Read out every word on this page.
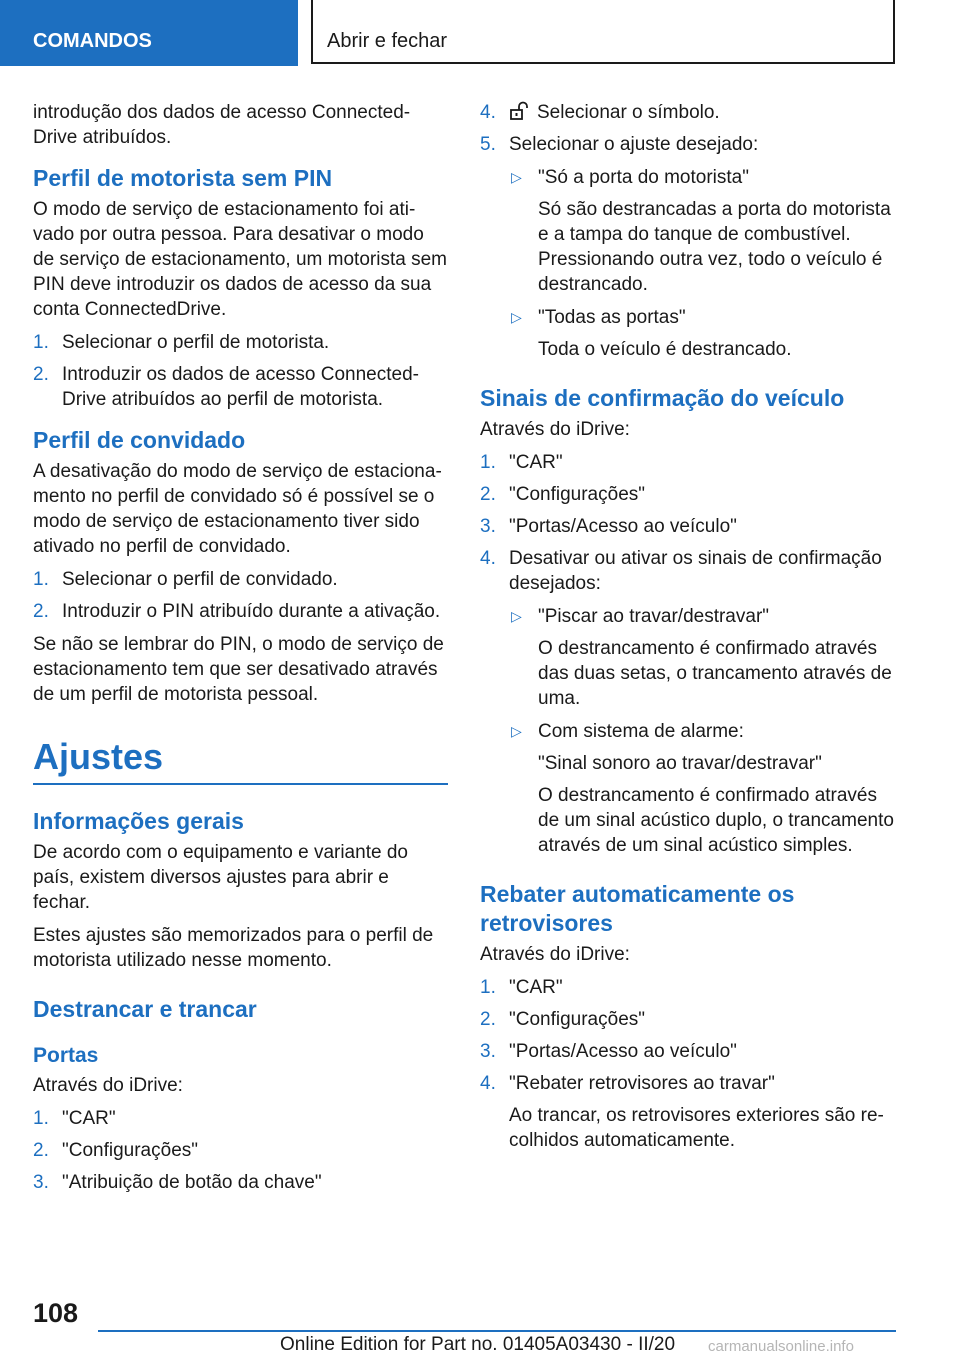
COMANDOS	Abrir e fechar

introdução dos dados de acesso ConnectedDrive atribuídos.

Perfil de motorista sem PIN

O modo de serviço de estacionamento foi ativado por outra pessoa. Para desativar o modo de serviço de estacionamento, um motorista sem PIN deve introduzir os dados de acesso da sua conta ConnectedDrive.

1. Selecionar o perfil de motorista.
2. Introduzir os dados de acesso ConnectedDrive atribuídos ao perfil de motorista.
Perfil de convidado

A desativação do modo de serviço de estacionamento no perfil de convidado só é possível se o modo de serviço de estacionamento tiver sido ativado no perfil de convidado.

1. Selecionar o perfil de convidado.
2. Introduzir o PIN atribuído durante a ativação.

Se não se lembrar do PIN, o modo de serviço de estacionamento tem que ser desativado através de um perfil de motorista pessoal.

Ajustes
Informações gerais

De acordo com o equipamento e variante do país, existem diversos ajustes para abrir e fechar.

Estes ajustes são memorizados para o perfil de motorista utilizado nesse momento.

Destrancar e trancar
Portas

Através do iDrive:

1. "CAR"
2. "Configurações"
3. "Atribuição de botão da chave"
4. Selecionar o símbolo.
5. Selecionar o ajuste desejado:
▷ "Só a porta do motorista"
Só são destrancadas a porta do motorista e a tampa do tanque de combustível. Pressionando outra vez, todo o veículo é destrancado.
▷ "Todas as portas"
Toda o veículo é destrancado.
Sinais de confirmação do veículo

Através do iDrive:

1. "CAR"
2. "Configurações"
3. "Portas/Acesso ao veículo"
4. Desativar ou ativar os sinais de confirmação desejados:
▷ "Piscar ao travar/destravar"
O destrancamento é confirmado através das duas setas, o trancamento através de uma.
▷ Com sistema de alarme:
"Sinal sonoro ao travar/destravar"
O destrancamento é confirmado através de um sinal acústico duplo, o trancamento através de um sinal acústico simples.
Rebater automaticamente os retrovisores

Através do iDrive:

1. "CAR"
2. "Configurações"
3. "Portas/Acesso ao veículo"
4. "Rebater retrovisores ao travar"
Ao trancar, os retrovisores exteriores são recolhidos automaticamente.
108
Online Edition for Part no. 01405A03430 - II/20 carmanualsonline.info
